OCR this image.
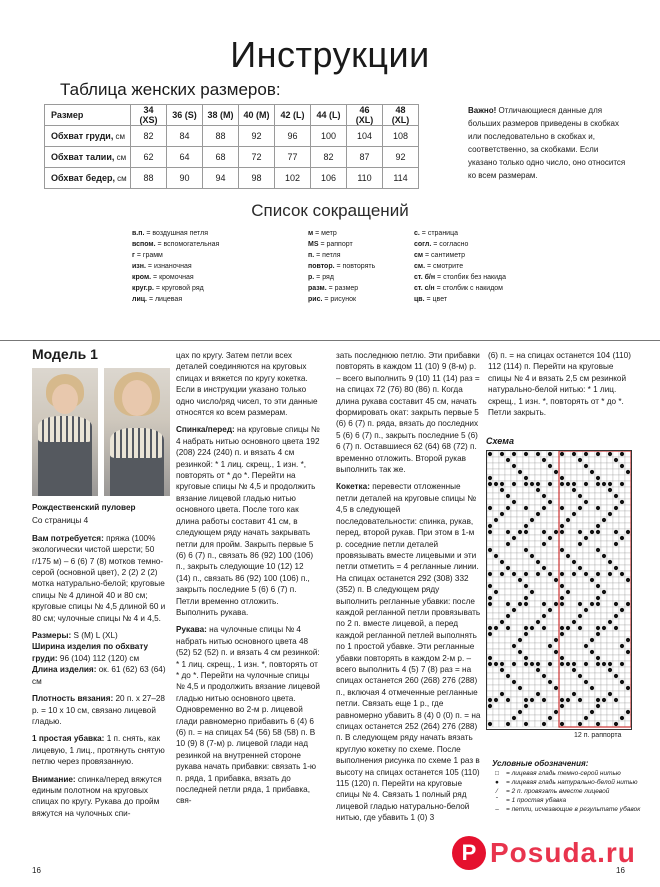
Инструкции
Таблица женских размеров:
Размер	34 (XS)	36 (S)	38 (M)	40 (M)	42 (L)	44 (L)	46 (XL)	48 (XL)
Обхват груди, см	82	84	88	92	96	100	104	108
Обхват талии, см	62	64	68	72	77	82	87	92
Обхват бедер, см	88	90	94	98	102	106	110	114
Важно! Отличающиеся данные для больших размеров приведены в скобках или последовательно в скобках и, соответственно, за скобками. Если указано только одно число, оно относится ко всем размерам.
Список сокращений
в.п. = воздушная петля
вспом. = вспомогательная
г = грамм
изн. = изнаночная
кром. = кромочная
круг.р. = круговой ряд
лиц. = лицевая
м = метр
MS = раппорт
п. = петля
повтор. = повторять
р. = ряд
разм. = размер
рис. = рисунок
с. = страница
согл. = согласно
см = сантиметр
см. = смотрите
ст. б/н = столбик без накида
ст. с/н = столбик с накидом
цв. = цвет
Модель 1

Рождественский пуловер

Со страницы 4

Вам потребуется: пряжа (100% экологически чистой шерсти; 50 г/175 м) – 6 (6) 7 (8) мотков темно-серой (основной цвет), 2 (2) 2 (2) мотка натурально-белой; круговые спицы № 4 длиной 40 и 80 см; круговые спицы № 4,5 длиной 60 и 80 см; чулочные спицы № 4 и 4,5.

Размеры: S (M) L (XL)

Ширина изделия по обхвату груди: 96 (104) 112 (120) см

Длина изделия: ок. 61 (62) 63 (64) см

Плотность вязания: 20 п. x 27–28 р. = 10 x 10 см, связано лицевой гладью.

1 простая убавка: 1 п. снять, как лицевую, 1 лиц., протянуть снятую петлю через провязанную.

Внимание: спинка/перед вяжутся единым полотном на круговых спицах по кругу. Рукава до пройм вяжутся на чулочных спи-

цах по кругу. Затем петли всех деталей соединяются на круговых спицах и вяжется по кругу кокетка. Если в инструкции указано только одно число/ряд чисел, то эти данные относятся ко всем размерам.

Спинка/перед: на круговые спицы № 4 набрать нитью основного цвета 192 (208) 224 (240) п. и вязать 4 см резинкой: * 1 лиц. скрещ., 1 изн. *, повторять от * до *. Перейти на круговые спицы № 4,5 и продолжить вязание лицевой гладью нитью основного цвета. После того как длина работы составит 41 см, в следующем ряду начать закрывать петли для пройм. Закрыть первые 5 (6) 6 (7) п., связать 86 (92) 100 (106) п., закрыть следующие 10 (12) 12 (14) п., связать 86 (92) 100 (106) п., закрыть последние 5 (6) 6 (7) п. Петли временно отложить. Выполнить рукава.

Рукава: на чулочные спицы № 4 набрать нитью основного цвета 48 (52) 52 (52) п. и вязать 4 см резинкой: * 1 лиц. скрещ., 1 изн. *, повторять от * до *. Перейти на чулочные спицы № 4,5 и продолжить вязание лицевой гладью нитью основного цвета. Одновременно во 2-м р. лицевой глади равномерно прибавить 6 (4) 6 (6) п. = на спицах 54 (56) 58 (58) п. В 10 (9) 8 (7-м) р. лицевой глади над резинкой на внутренней стороне рукава начать прибавки: связать 1-ю п. ряда, 1 прибавка, вязать до последней петли ряда, 1 прибавка, свя-

зать последнюю петлю. Эти прибавки повторять в каждом 11 (10) 9 (8-м) р. – всего выполнить 9 (10) 11 (14) раз = на спицах 72 (76) 80 (86) п. Когда длина рукава составит 45 см, начать формировать окат: закрыть первые 5 (6) 6 (7) п. ряда, вязать до последних 5 (6) 6 (7) п., закрыть последние 5 (6) 6 (7) п. Оставшиеся 62 (64) 68 (72) п. временно отложить. Второй рукав выполнить так же.

Кокетка: перевести отложенные петли деталей на круговые спицы № 4,5 в следующей последовательности: спинка, рукав, перед, второй рукав. При этом в 1-м р. соседние петли деталей провязывать вместе лицевыми и эти петли отметить = 4 регланные линии. На спицах останется 292 (308) 332 (352) п. В следующем ряду выполнить регланные убавки: после каждой регланной петли провязывать по 2 п. вместе лицевой, а перед каждой регланной петлей выполнять по 1 простой убавке. Эти регланные убавки повторять в каждом 2-м р. – всего выполнить 4 (5) 7 (8) раз = на спицах останется 260 (268) 276 (288) п., включая 4 отмеченные регланные петли. Связать еще 1 р., где равномерно убавить 8 (4) 0 (0) п. = на спицах останется 252 (264) 276 (288) п. В следующем ряду начать вязать круглую кокетку по схеме. После выполнения рисунка по схеме 1 раз в высоту на спицах останется 105 (110) 115 (120) п. Перейти на круговые спицы № 4. Связать 1 полный ряд лицевой гладью натурально-белой нитью, где убавить 1 (0) 3

(6) п. = на спицах останется 104 (110) 112 (114) п. Перейти на круговые спицы № 4 и вязать 2,5 см резинкой натурально-белой нитью: * 1 лиц. скрещ., 1 изн. *, повторять от * до *. Петли закрыть.

Схема
12 п. раппорта
Условные обозначения:
□	= лицевая гладь темно-серой нитью
●	= лицевая гладь натурально-белой нитью
⁄	= 2 п. провязать вместе лицевой
ˆ	= 1 простая убавка
–	= петли, исчезающие в результате убавок
P Posuda.ru
16	16
